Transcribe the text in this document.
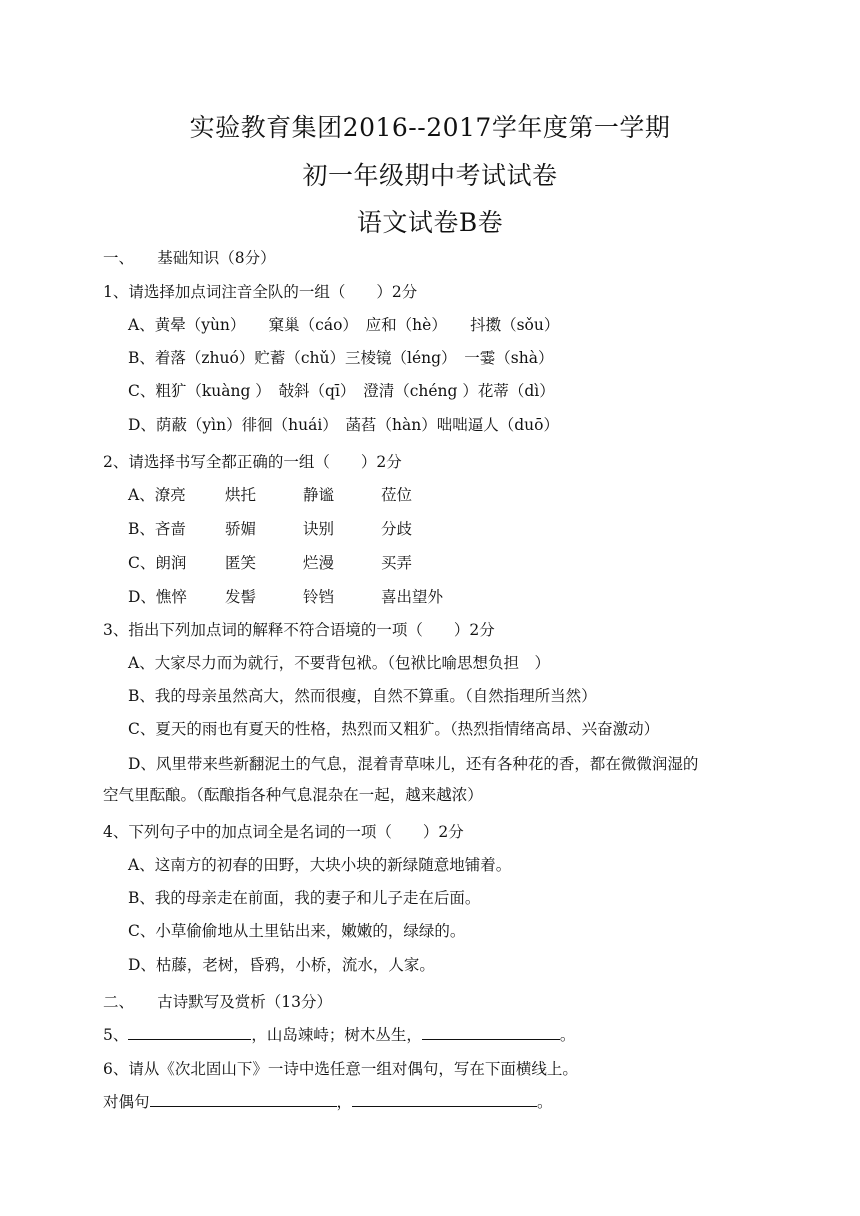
实验教育集团2016--2017学年度第一学期
初一年级期中考试试卷
语文试卷B卷
一、　　基础知识（8分）
1、请选择加点词注音全队的一组（　　）2分
A、黄晕（yùn）　　窠巢（cáo）　应和（hè）　　抖擞（sǒu）
B、着落（zhuó）贮蓄（chǔ）三棱镜（léng）　一霎（shà）
C、粗犷（kuàng ）　敧斜（qī）　澄清（chéng ）花蒂（dì）
D、荫蔽（yìn）徘徊（huái）　菡萏（hàn）咄咄逼人（duō）
2、请选择书写全都正确的一组（　　）2分
A、潦亮	烘托	静谧	莅位
B、吝啬	骄媚	诀别	分歧
C、朗润 匿笑	烂漫	买弄
D、憔悴 发髻	铃铛	喜出望外
3、指出下列加点词的解释不符合语境的一项（　　）2分
A、大家尽力而为就行，不要背包袱。（包袱比喻思想负担　）
B、我的母亲虽然高大，然而很瘦，自然不算重。（自然指理所当然）
C、夏天的雨也有夏天的性格，热烈而又粗犷。（热烈指情绪高昂、兴奋激动）
D、风里带来些新翻泥土的气息，混着青草味儿，还有各种花的香，都在微微润湿的
空气里酝酿。（酝酿指各种气息混杂在一起，越来越浓）
4、下列句子中的加点词全是名词的一项（　　）2分
A、这南方的初春的田野，大块小块的新绿随意地铺着。
B、我的母亲走在前面，我的妻子和儿子走在后面。
C、小草偷偷地从土里钻出来，嫩嫩的，绿绿的。
D、枯藤，老树，昏鸦，小桥，流水，人家。
二、　　古诗默写及赏析（13分）
5、	，山岛竦峙；树木丛生，	。
6、请从《次北固山下》一诗中选任意一组对偶句，写在下面横线上。
对偶句	，	。
